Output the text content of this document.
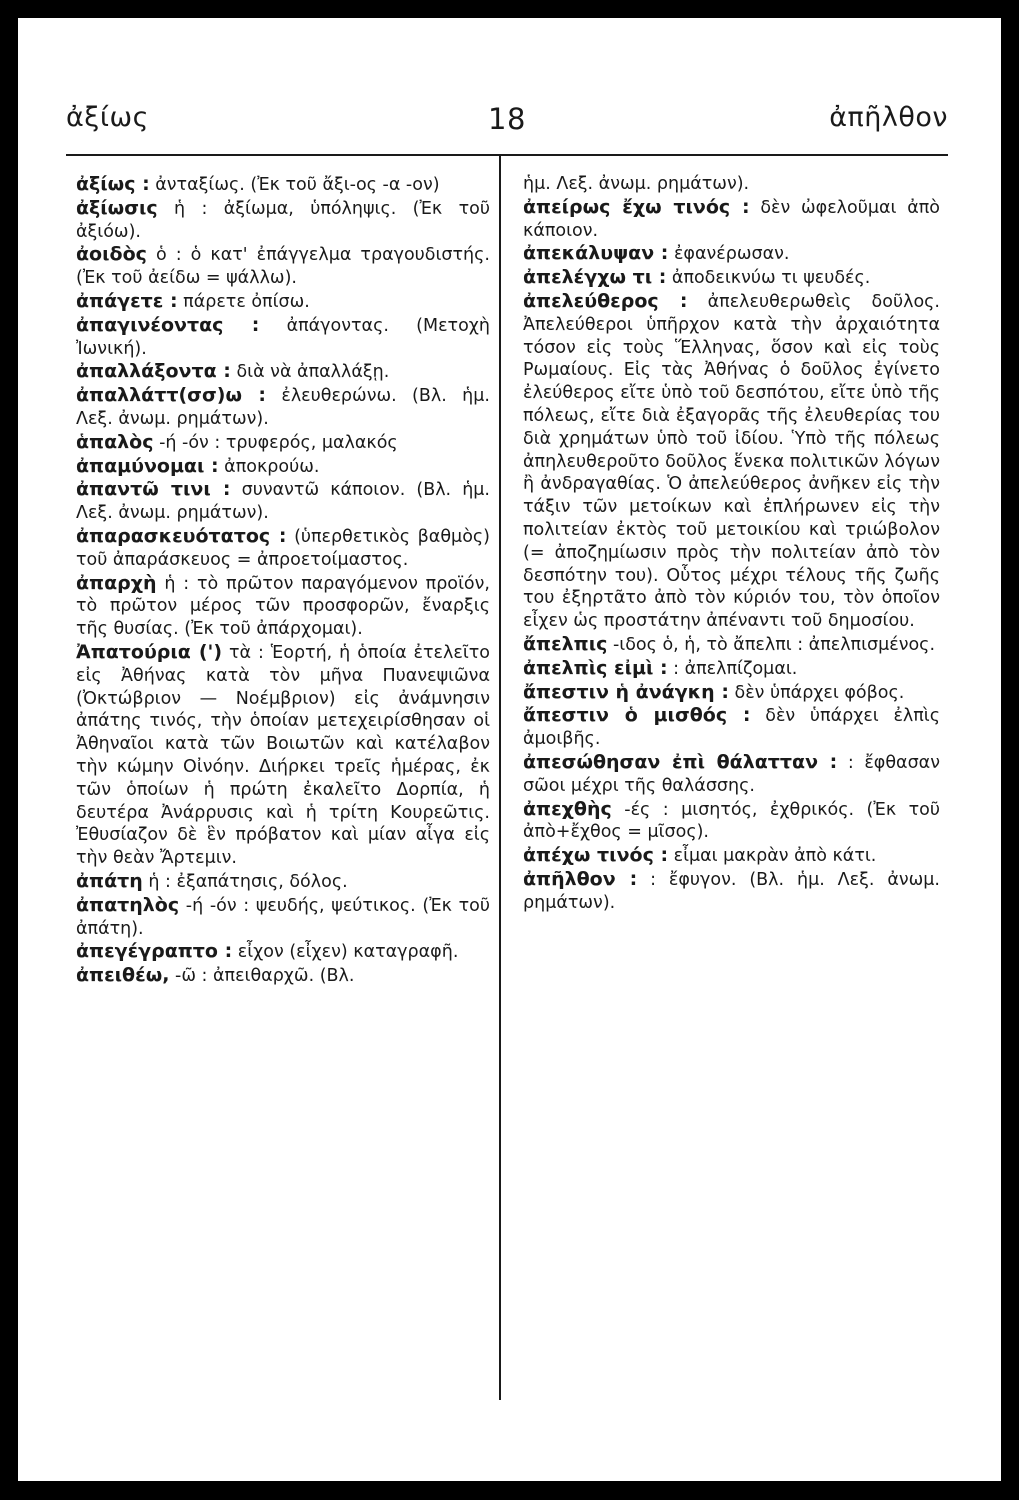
ἀξίως	18	ἀπῆλθον

ἀξίως : ἀνταξίως. (Ἐκ τοῦ ἄξι-ος -α -ον)

ἀξίωσις ἡ : ἀξίωμα, ὑπόληψις. (Ἐκ τοῦ ἀξιόω).

ἀοιδὸς ὁ : ὁ κατ' ἐπάγγελμα τραγουδιστής. (Ἐκ τοῦ ἀείδω = ψάλλω).

ἀπάγετε : πάρετε ὀπίσω.

ἀπαγινέοντας : ἀπάγοντας. (Μετοχὴ Ἰωνική).

ἀπαλλάξοντα : διὰ νὰ ἀπαλλάξῃ.

ἀπαλλάττ(σσ)ω : ἐλευθερώνω. (Βλ. ἡμ. Λεξ. ἀνωμ. ρημάτων).

ἁπαλὸς -ή -όν : τρυφερός, μαλακός

ἀπαμύνομαι : ἀποκρούω.

ἀπαντῶ τινι : συναντῶ κάποιον. (Βλ. ἡμ. Λεξ. ἀνωμ. ρημάτων).

ἀπαρασκευότατος : (ὑπερθετικὸς βαθμὸς) τοῦ ἀπαράσκευος = ἀπροετοίμαστος.

ἀπαρχὴ ἡ : τὸ πρῶτον παραγόμενον προϊόν, τὸ πρῶτον μέρος τῶν προσφορῶν, ἔναρξις τῆς θυσίας. (Ἐκ τοῦ ἀπάρχομαι).

Ἀπατούρια (') τὰ : Ἑορτή, ἡ ὁποία ἐτελεῖτο εἰς Ἀθήνας κατὰ τὸν μῆνα Πυανεψιῶνα (Ὀκτώβριον — Νοέμβριον) εἰς ἀνάμνησιν ἀπάτης τινός, τὴν ὁποίαν μετεχειρίσθησαν οἱ Ἀθηναῖοι κατὰ τῶν Βοιωτῶν καὶ κατέλαβον τὴν κώμην Οἰνόην. Διήρκει τρεῖς ἡμέρας, ἐκ τῶν ὁποίων ἡ πρώτη ἐκαλεῖτο Δορπία, ἡ δευτέρα Ἀνάρρυσις καὶ ἡ τρίτη Κουρεῶτις. Ἐθυσίαζον δὲ ἓν πρόβατον καὶ μίαν αἶγα εἰς τὴν θεὰν Ἄρτεμιν.

ἀπάτη ἡ : ἐξαπάτησις, δόλος.

ἀπατηλὸς -ή -όν : ψευδής, ψεύτικος. (Ἐκ τοῦ ἀπάτη).

ἀπεγέγραπτο : εἶχον (εἶχεν) καταγραφῆ.

ἀπειθέω, -ῶ : ἀπειθαρχῶ. (Βλ.

ἡμ. Λεξ. ἀνωμ. ρημάτων).

ἀπείρως ἔχω τινός : δὲν ὠφελοῦμαι ἀπὸ κάποιον.

ἀπεκάλυψαν : ἐφανέρωσαν.

ἀπελέγχω τι : ἀποδεικνύω τι ψευδές.

ἀπελεύθερος : ἀπελευθερωθεὶς δοῦλος. Ἀπελεύθεροι ὑπῆρχον κατὰ τὴν ἀρχαιότητα τόσον εἰς τοὺς Ἕλληνας, ὅσον καὶ εἰς τοὺς Ρωμαίους. Εἰς τὰς Ἀθήνας ὁ δοῦλος ἐγίνετο ἐλεύθερος εἴτε ὑπὸ τοῦ δεσπότου, εἴτε ὑπὸ τῆς πόλεως, εἴτε διὰ ἐξαγορᾶς τῆς ἐλευθερίας του διὰ χρημάτων ὑπὸ τοῦ ἰδίου. Ὑπὸ τῆς πόλεως ἀπηλευθεροῦτο δοῦλος ἕνεκα πολιτικῶν λόγων ἢ ἀνδραγαθίας. Ὁ ἀπελεύθερος ἀνῆκεν εἰς τὴν τάξιν τῶν μετοίκων καὶ ἐπλήρωνεν εἰς τὴν πολιτείαν ἐκτὸς τοῦ μετοικίου καὶ τριώβολον (= ἀποζημίωσιν πρὸς τὴν πολιτείαν ἀπὸ τὸν δεσπότην του). Οὗτος μέχρι τέλους τῆς ζωῆς του ἐξηρτᾶτο ἀπὸ τὸν κύριόν του, τὸν ὁποῖον εἶχεν ὡς προστάτην ἀπέναντι τοῦ δημοσίου.

ἄπελπις -ιδος ὁ, ἡ, τὸ ἄπελπι : ἀπελπισμένος.

ἀπελπὶς εἰμὶ : : ἀπελπίζομαι.

ἄπεστιν ἡ ἀνάγκη : δὲν ὑπάρχει φόβος.

ἄπεστιν ὁ μισθός : δὲν ὑπάρχει ἐλπὶς ἀμοιβῆς.

ἀπεσώθησαν ἐπὶ θάλατταν : : ἔφθασαν σῶοι μέχρι τῆς θαλάσσης.

ἀπεχθὴς -ές : μισητός, ἐχθρικός. (Ἐκ τοῦ ἀπὸ+ἔχθος = μῖσος).

ἀπέχω τινός : εἶμαι μακρὰν ἀπὸ κάτι.

ἀπῆλθον : : ἔφυγον. (Βλ. ἡμ. Λεξ. ἀνωμ. ρημάτων).
